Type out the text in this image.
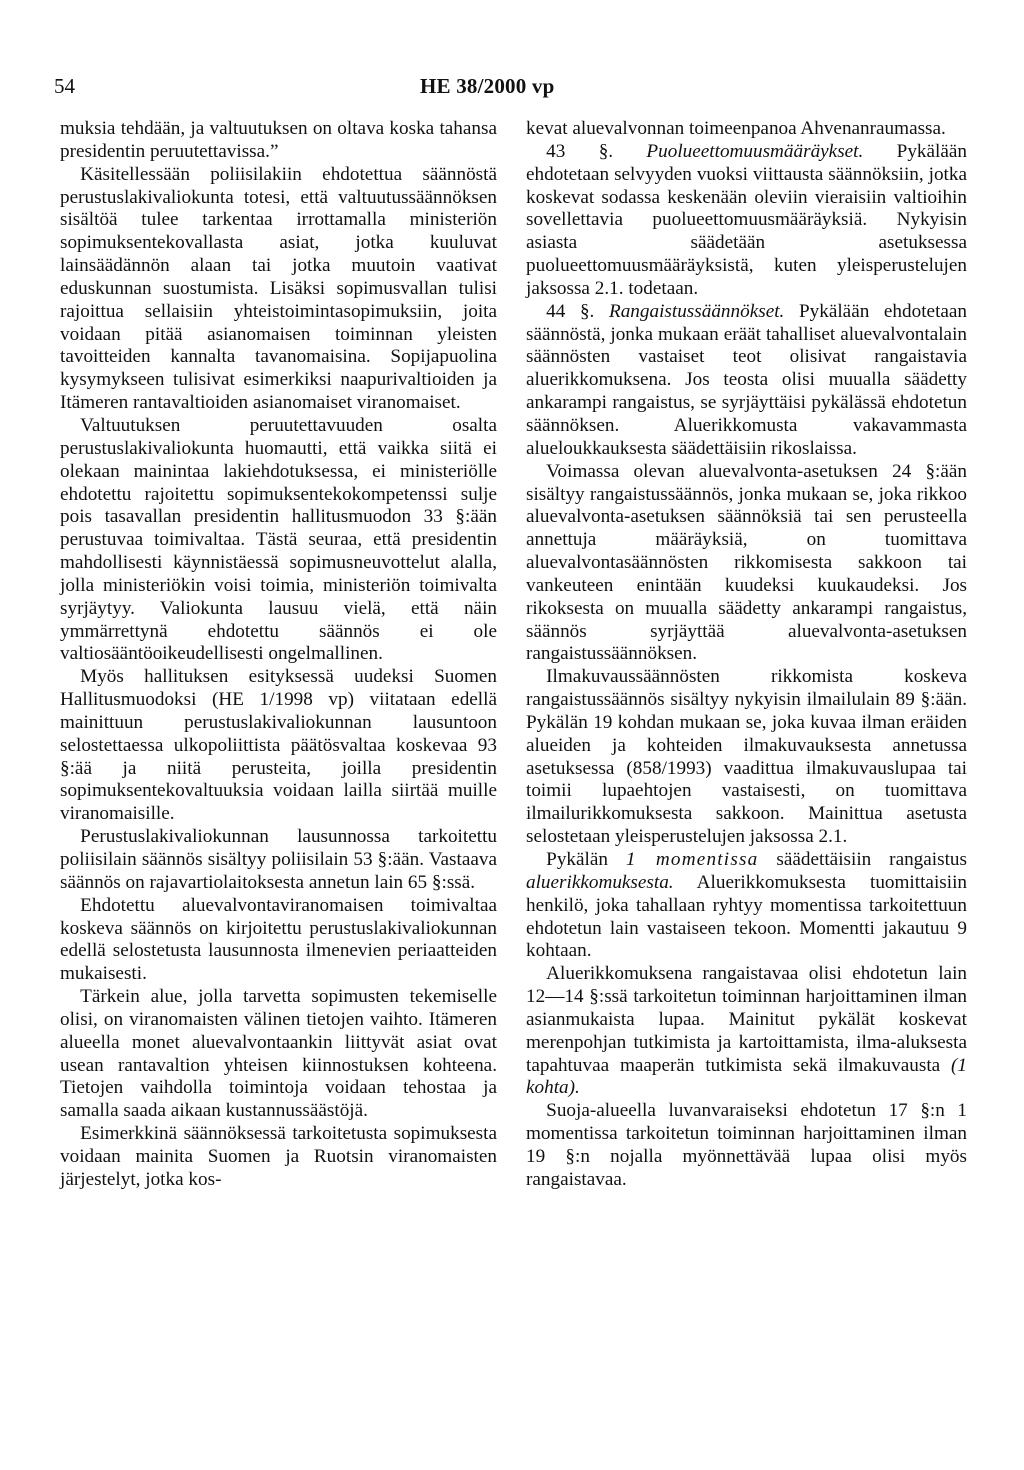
54	HE 38/2000 vp

muksia tehdään, ja valtuutuksen on oltava koska tahansa presidentin peruutettavissa.”

Käsitellessään poliisilakiin ehdotettua säännöstä perustuslakivaliokunta totesi, että valtuutussäännöksen sisältöä tulee tarkentaa irrottamalla ministeriön sopimuksentekovallasta asiat, jotka kuuluvat lainsäädännön alaan tai jotka muutoin vaativat eduskunnan suostumista. Lisäksi sopimusvallan tulisi rajoittua sellaisiin yhteistoimintasopimuksiin, joita voidaan pitää asianomaisen toiminnan yleisten tavoitteiden kannalta tavanomaisina. Sopijapuolina kysymykseen tulisivat esimerkiksi naapurivaltioiden ja Itämeren rantavaltioiden asianomaiset viranomaiset.

Valtuutuksen peruutettavuuden osalta perustuslakivaliokunta huomautti, että vaikka siitä ei olekaan mainintaa lakiehdotuksessa, ei ministeriölle ehdotettu rajoitettu sopimuksentekokompetenssi sulje pois tasavallan presidentin hallitusmuodon 33 §:ään perustuvaa toimivaltaa. Tästä seuraa, että presidentin mahdollisesti käynnistäessä sopimusneuvottelut alalla, jolla ministeriökin voisi toimia, ministeriön toimivalta syrjäytyy. Valiokunta lausuu vielä, että näin ymmärrettynä ehdotettu säännös ei ole valtiosääntöoikeudellisesti ongelmallinen.

Myös hallituksen esityksessä uudeksi Suomen Hallitusmuodoksi (HE 1/1998 vp) viitataan edellä mainittuun perustuslakivaliokunnan lausuntoon selostettaessa ulkopoliittista päätösvaltaa koskevaa 93 §:ää ja niitä perusteita, joilla presidentin sopimuksentekovaltuuksia voidaan lailla siirtää muille viranomaisille.

Perustuslakivaliokunnan lausunnossa tarkoitettu poliisilain säännös sisältyy poliisilain 53 §:ään. Vastaava säännös on rajavartiolaitoksesta annetun lain 65 §:ssä.

Ehdotettu aluevalvontaviranomaisen toimivaltaa koskeva säännös on kirjoitettu perustuslakivaliokunnan edellä selostetusta lausunnosta ilmenevien periaatteiden mukaisesti.

Tärkein alue, jolla tarvetta sopimusten tekemiselle olisi, on viranomaisten välinen tietojen vaihto. Itämeren alueella monet aluevalvontaankin liittyvät asiat ovat usean rantavaltion yhteisen kiinnostuksen kohteena. Tietojen vaihdolla toimintoja voidaan tehostaa ja samalla saada aikaan kustannussäästöjä.

Esimerkkinä säännöksessä tarkoitetusta sopimuksesta voidaan mainita Suomen ja Ruotsin viranomaisten järjestelyt, jotka kos-

kevat aluevalvonnan toimeenpanoa Ahvenanraumassa.

43 §. Puolueettomuusmääräykset. Pykälään ehdotetaan selvyyden vuoksi viittausta säännöksiin, jotka koskevat sodassa keskenään oleviin vieraisiin valtioihin sovellettavia puolueettomuusmääräyksiä. Nykyisin asiasta säädetään asetuksessa puolueettomuusmääräyksistä, kuten yleisperustelujen jaksossa 2.1. todetaan.

44 §. Rangaistussäännökset. Pykälään ehdotetaan säännöstä, jonka mukaan eräät tahalliset aluevalvontalain säännösten vastaiset teot olisivat rangaistavia aluerikkomuksena. Jos teosta olisi muualla säädetty ankarampi rangaistus, se syrjäyttäisi pykälässä ehdotetun säännöksen. Aluerikkomusta vakavammasta alueloukkauksesta säädettäisiin rikoslaissa.

Voimassa olevan aluevalvonta-asetuksen 24 §:ään sisältyy rangaistussäännös, jonka mukaan se, joka rikkoo aluevalvonta-asetuksen säännöksiä tai sen perusteella annettuja määräyksiä, on tuomittava aluevalvontasäännösten rikkomisesta sakkoon tai vankeuteen enintään kuudeksi kuukaudeksi. Jos rikoksesta on muualla säädetty ankarampi rangaistus, säännös syrjäyttää aluevalvonta-asetuksen rangaistussäännöksen.

Ilmakuvaussäännösten rikkomista koskeva rangaistussäännös sisältyy nykyisin ilmailulain 89 §:ään. Pykälän 19 kohdan mukaan se, joka kuvaa ilman eräiden alueiden ja kohteiden ilmakuvauksesta annetussa asetuksessa (858/1993) vaadittua ilmakuvauslupaa tai toimii lupaehtojen vastaisesti, on tuomittava ilmailurikkomuksesta sakkoon. Mainittua asetusta selostetaan yleisperustelujen jaksossa 2.1.

Pykälän 1 momentissa säädettäisiin rangaistus aluerikkomuksesta. Aluerikkomuksesta tuomittaisiin henkilö, joka tahallaan ryhtyy momentissa tarkoitettuun ehdotetun lain vastaiseen tekoon. Momentti jakautuu 9 kohtaan.

Aluerikkomuksena rangaistavaa olisi ehdotetun lain 12—14 §:ssä tarkoitetun toiminnan harjoittaminen ilman asianmukaista lupaa. Mainitut pykälät koskevat merenpohjan tutkimista ja kartoittamista, ilma-aluksesta tapahtuvaa maaperän tutkimista sekä ilmakuvausta (1 kohta).

Suoja-alueella luvanvaraiseksi ehdotetun 17 §:n 1 momentissa tarkoitetun toiminnan harjoittaminen ilman 19 §:n nojalla myönnettävää lupaa olisi myös rangaistavaa.
